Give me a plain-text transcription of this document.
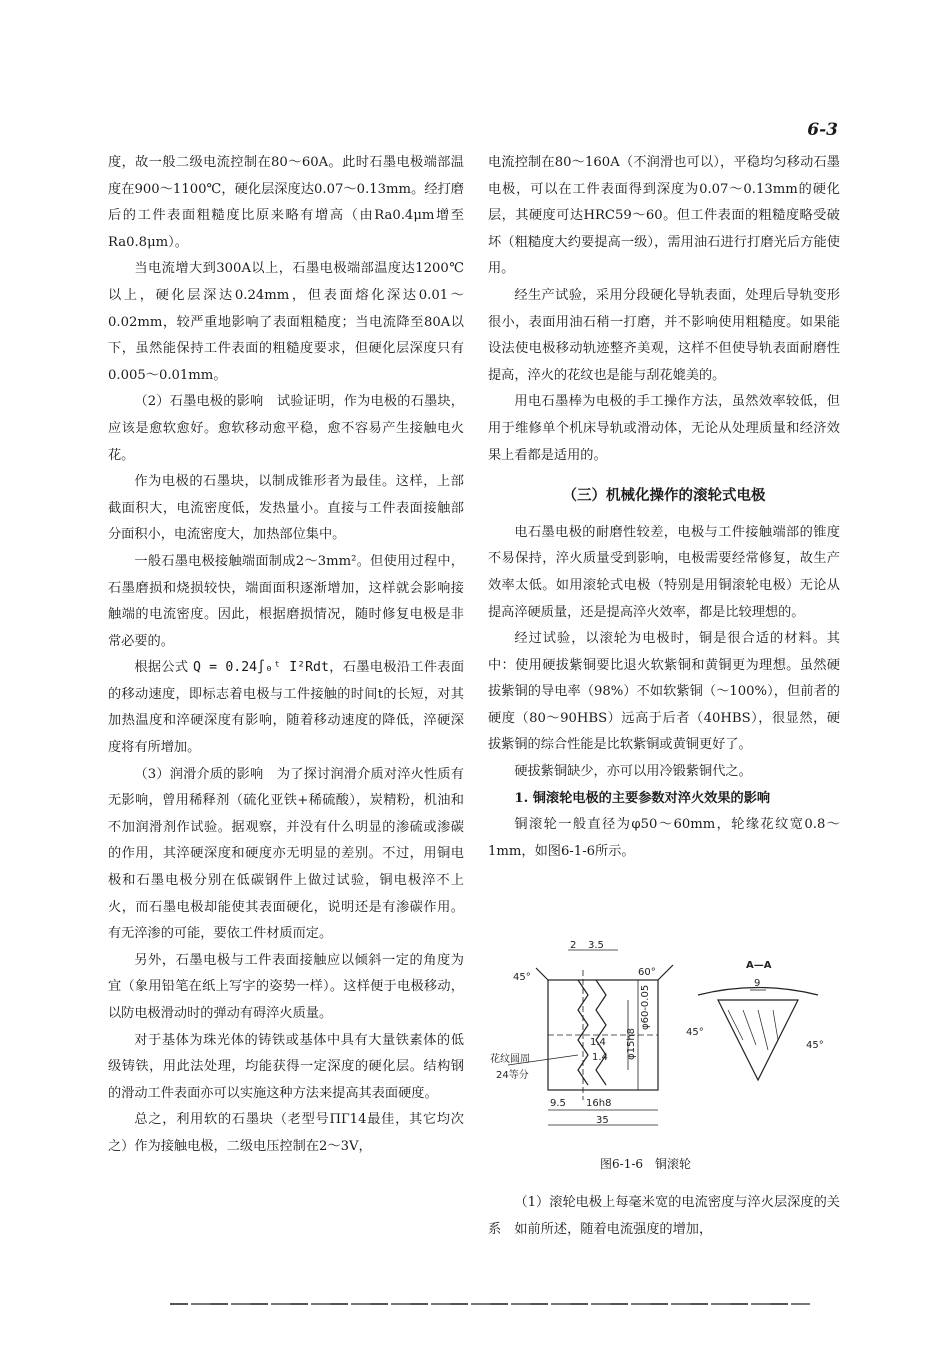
6-3

度，故一般二级电流控制在80～60A。此时石墨电极端部温度在900～1100℃，硬化层深度达0.07～0.13mm。经打磨后的工件表面粗糙度比原来略有增高（由Ra0.4μm增至Ra0.8μm）。

当电流增大到300A以上，石墨电极端部温度达1200℃以上，硬化层深达0.24mm，但表面熔化深达0.01～0.02mm，较严重地影响了表面粗糙度；当电流降至80A以下，虽然能保持工件表面的粗糙度要求，但硬化层深度只有0.005～0.01mm。

（2）石墨电极的影响　试验证明，作为电极的石墨块，应该是愈软愈好。愈软移动愈平稳，愈不容易产生接触电火花。

作为电极的石墨块，以制成锥形者为最佳。这样，上部截面积大，电流密度低，发热量小。直接与工件表面接触部分面积小，电流密度大，加热部位集中。

一般石墨电极接触端面制成2～3mm²。但使用过程中，石墨磨损和烧损较快，端面面积逐渐增加，这样就会影响接触端的电流密度。因此，根据磨损情况，随时修复电极是非常必要的。

根据公式 Q = 0.24∫₀ᵗ I²Rdt，石墨电极沿工件表面的移动速度，即标志着电极与工件接触的时间t的长短，对其加热温度和淬硬深度有影响，随着移动速度的降低，淬硬深度将有所增加。

（3）润滑介质的影响　为了探讨润滑介质对淬火性质有无影响，曾用稀释剂（硫化亚铁+稀硫酸），炭精粉，机油和不加润滑剂作试验。据观察，并没有什么明显的渗硫或渗碳的作用，其淬硬深度和硬度亦无明显的差别。不过，用铜电极和石墨电极分别在低碳钢件上做过试验，铜电极淬不上火，而石墨电极却能使其表面硬化，说明还是有渗碳作用。有无淬渗的可能，要依工件材质而定。

另外，石墨电极与工件表面接触应以倾斜一定的角度为宜（象用铅笔在纸上写字的姿势一样）。这样便于电极移动，以防电极滑动时的弹动有碍淬火质量。

对于基体为珠光体的铸铁或基体中具有大量铁素体的低级铸铁，用此法处理，均能获得一定深度的硬化层。结构钢的滑动工件表面亦可以实施这种方法来提高其表面硬度。

总之，利用软的石墨块（老型号ПГ14最佳，其它均次之）作为接触电极，二级电压控制在2～3V，

电流控制在80～160A（不润滑也可以），平稳均匀移动石墨电极，可以在工件表面得到深度为0.07～0.13mm的硬化层，其硬度可达HRC59～60。但工件表面的粗糙度略受破坏（粗糙度大约要提高一级），需用油石进行打磨光后方能使用。

经生产试验，采用分段硬化导轨表面，处理后导轨变形很小，表面用油石稍一打磨，并不影响使用粗糙度。如果能设法使电极移动轨迹整齐美观，这样不但使导轨表面耐磨性提高，淬火的花纹也是能与刮花媲美的。

用电石墨棒为电极的手工操作方法，虽然效率较低，但用于维修单个机床导轨或滑动体，无论从处理质量和经济效果上看都是适用的。

（三）机械化操作的滚轮式电极

电石墨电极的耐磨性较差，电极与工件接触端部的锥度不易保持，淬火质量受到影响，电极需要经常修复，故生产效率太低。如用滚轮式电极（特别是用铜滚轮电极）无论从提高淬硬质量，还是提高淬火效率，都是比较理想的。

经过试验，以滚轮为电极时，铜是很合适的材料。其中：使用硬拔紫铜要比退火软紫铜和黄铜更为理想。虽然硬拔紫铜的导电率（98%）不如软紫铜（～100%），但前者的硬度（80～90HBS）远高于后者（40HBS），很显然，硬拔紫铜的综合性能是比软紫铜或黄铜更好了。

硬拔紫铜缺少，亦可以用冷锻紫铜代之。

1. 铜滚轮电极的主要参数对淬火效果的影响

铜滚轮一般直径为φ50～60mm，轮缘花纹宽0.8～1mm，如图6-1-6所示。

2 3.5
45°	60°
φ60-0.05
φ15h8
花纹圆周
24等分
9.5 16h8
35
1.4
1.4
A—A
9
45°
45°
图6-1-6　铜滚轮

（1）滚轮电极上每毫米宽的电流密度与淬火层深度的关系　如前所述，随着电流强度的增加，
